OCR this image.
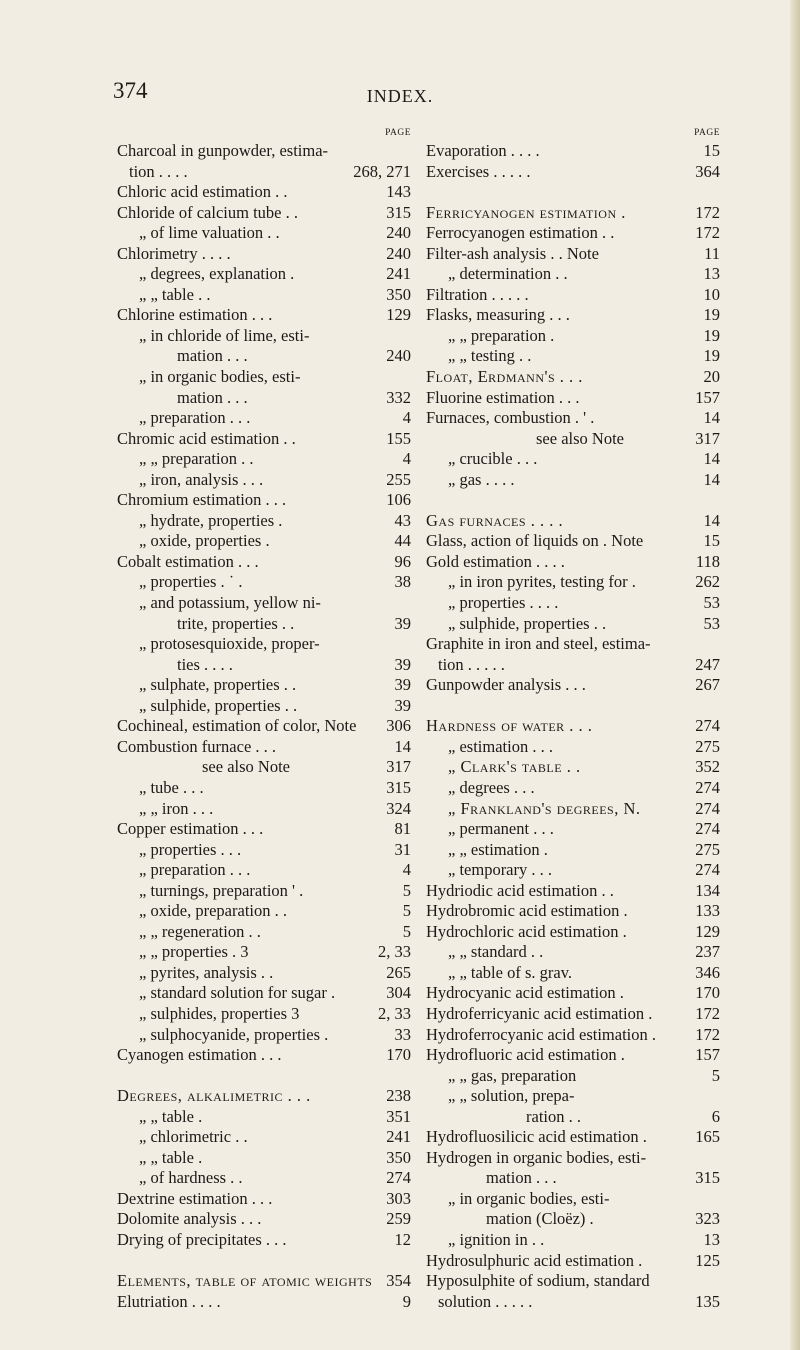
374	INDEX.
PAGE
Charcoal in gunpowder, estima-
tion . . . .	268, 271
Chloric acid estimation . .	143
Chloride of calcium tube . .	315
„ of lime valuation . .	240
Chlorimetry . . . .	240
„ degrees, explanation .	241
„ „ table . .	350
Chlorine estimation . . .	129
„ in chloride of lime, esti-
mation . . .	240
„ in organic bodies, esti-
mation . . .	332
„ preparation . . .	4
Chromic acid estimation . .	155
„ „ preparation . .	4
„ iron, analysis . . .	255
Chromium estimation . . .	106
„ hydrate, properties .	43
„ oxide, properties .	44
Cobalt estimation . . .	96
„ properties . ˙ .	38
„ and potassium, yellow ni-
trite, properties . .	39
„ protosesquioxide, proper-
ties . . . .	39
„ sulphate, properties . .	39
„ sulphide, properties . .	39
Cochineal, estimation of color, Note 306
Combustion furnace . . .	14
see also Note	317
„ tube . . .	315
„ „ iron . . .	324
Copper estimation . . .	81
„ properties . . .	31
„ preparation . . .	4
„ turnings, preparation ' .	5
„ oxide, preparation . .	5
„ „ regeneration . .	5
„ „ properties . 3	2, 33
„ pyrites, analysis . .	265
„ standard solution for sugar .	304
„ sulphides, properties 3	2, 33
„ sulphocyanide, properties .	33
Cyanogen estimation . . .	170
Degrees, alkalimetric . . .	238
„ „ table .	351
„ chlorimetric . .	241
„ „ table .	350
„ of hardness . .	274
Dextrine estimation . . .	303
Dolomite analysis . . .	259
Drying of precipitates . . .	12
Elements, table of atomic weights 354
Elutriation . . . .	9
PAGE
Evaporation . . . .	15
Exercises . . . . .	364
Ferricyanogen estimation .	172
Ferrocyanogen estimation . .	172
Filter-ash analysis . . Note	11
„ determination . .	13
Filtration . . . . .	10
Flasks, measuring . . .	19
„ „ preparation .	19
„ „ testing . .	19
Float, Erdmann's . . .	20
Fluorine estimation . . .	157
Furnaces, combustion . ' .	14
see also Note	317
„ crucible . . .	14
„ gas . . . .	14
Gas furnaces . . . .	14
Glass, action of liquids on . Note	15
Gold estimation . . . .	118
„ in iron pyrites, testing for .	262
„ properties . . . .	53
„ sulphide, properties . .	53
Graphite in iron and steel, estima-
tion . . . . .	247
Gunpowder analysis . . .	267
Hardness of water . . .	274
„ estimation . . .	275
„ Clark's table . .	352
„ degrees . . .	274
„ Frankland's degrees, N.	274
„ permanent . . .	274
„ „ estimation .	275
„ temporary . . .	274
Hydriodic acid estimation . .	134
Hydrobromic acid estimation .	133
Hydrochloric acid estimation .	129
„ „ standard . .	237
„ „ table of s. grav.	346
Hydrocyanic acid estimation .	170
Hydroferricyanic acid estimation .	172
Hydroferrocyanic acid estimation . 172
Hydrofluoric acid estimation .	157
„ „ gas, preparation	5
„ „ solution, prepa-
ration . .	6
Hydrofluosilicic acid estimation .	165
Hydrogen in organic bodies, esti-
mation . . .	315
„ in organic bodies, esti-
mation (Cloëz) .	323
„ ignition in . .	13
Hydrosulphuric acid estimation .	125
Hyposulphite of sodium, standard
solution . . . . .	135
